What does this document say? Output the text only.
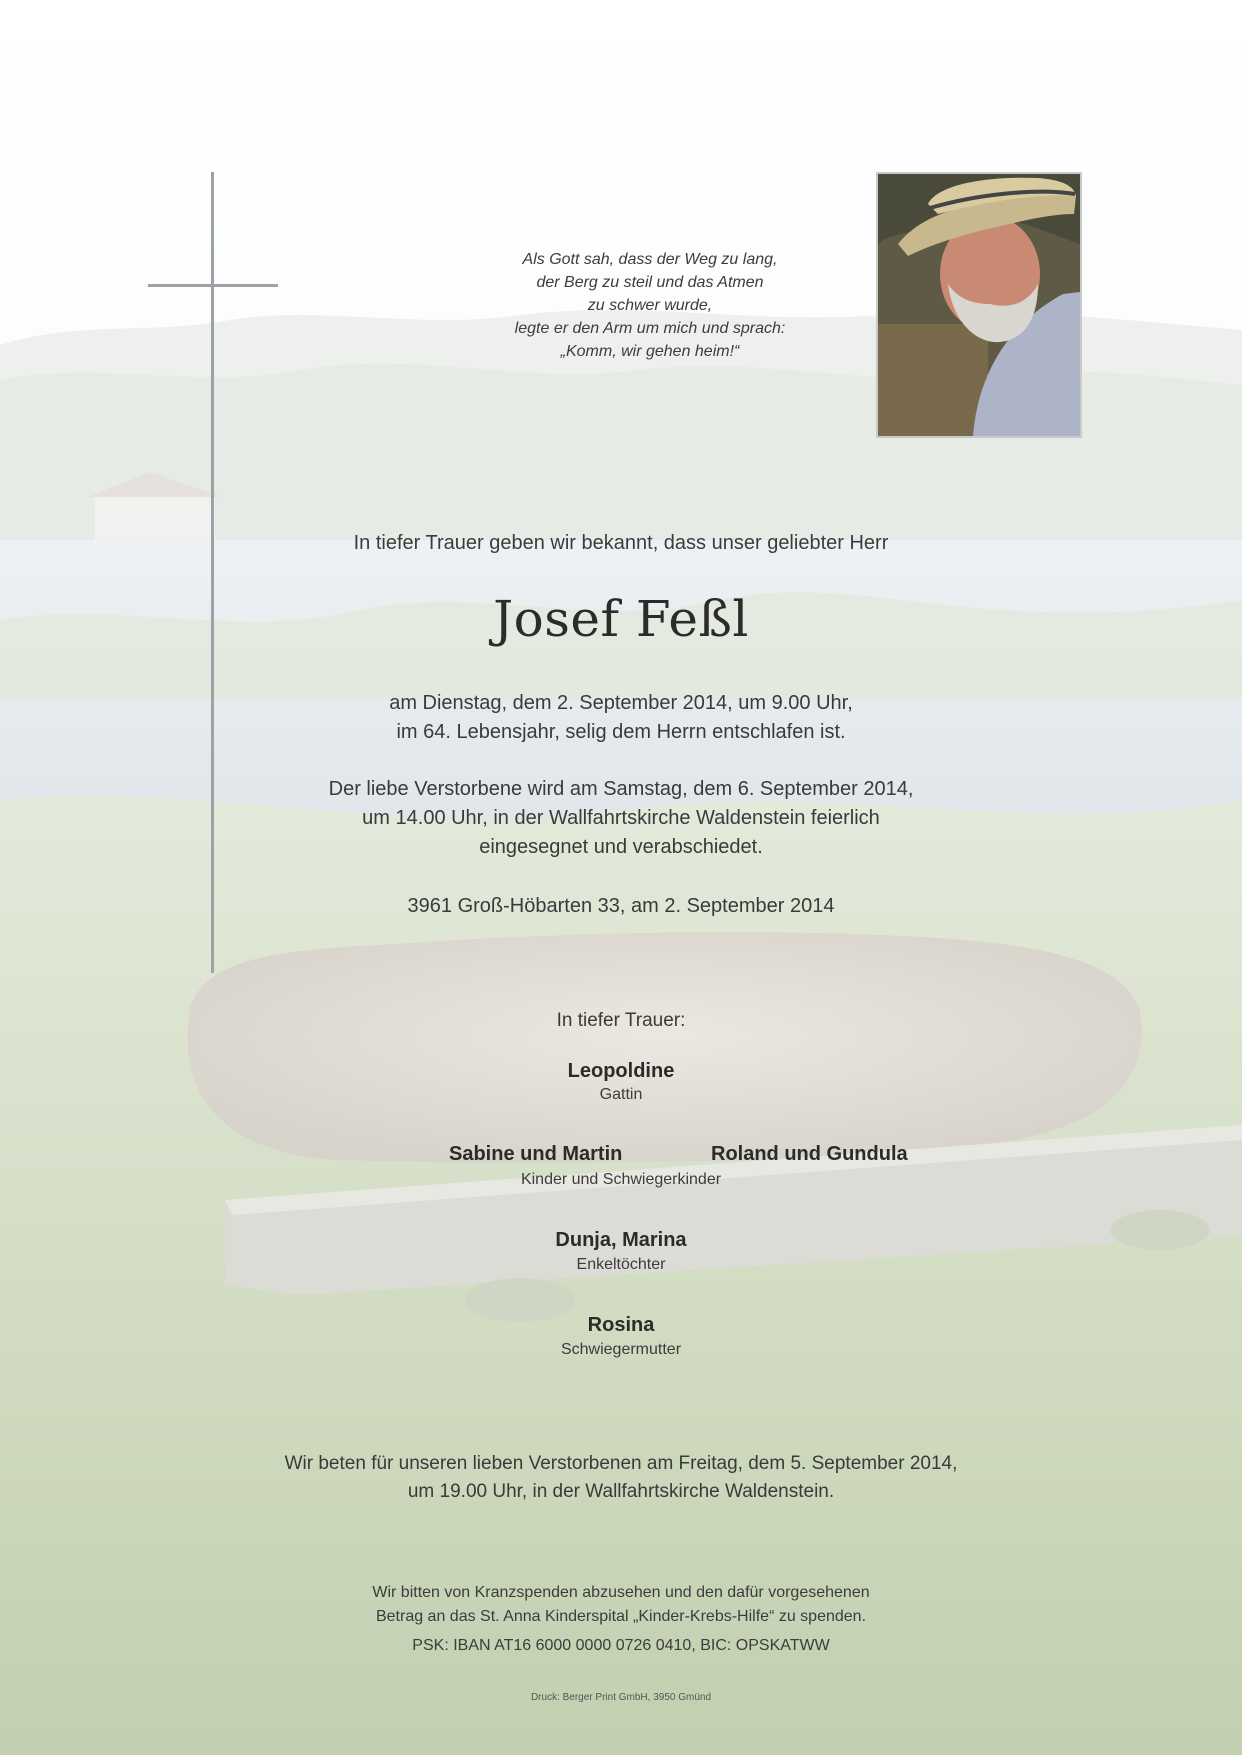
Als Gott sah, dass der Weg zu lang,
der Berg zu steil und das Atmen
zu schwer wurde,
legte er den Arm um mich und sprach:
„Komm, wir gehen heim!“
In tiefer Trauer geben wir bekannt, dass unser geliebter Herr
Josef Feßl
am Dienstag, dem 2. September 2014, um 9.00 Uhr,
im 64. Lebensjahr, selig dem Herrn entschlafen ist.
Der liebe Verstorbene wird am Samstag, dem 6. September 2014,
um 14.00 Uhr, in der Wallfahrtskirche Waldenstein feierlich
eingesegnet und verabschiedet.
3961 Groß-Höbarten 33, am 2. September 2014
In tiefer Trauer:
Leopoldine
Gattin
Sabine und Martin	Roland und Gundula
Kinder und Schwiegerkinder
Dunja, Marina
Enkeltöchter
Rosina
Schwiegermutter
Wir beten für unseren lieben Verstorbenen am Freitag, dem 5. September 2014,
um 19.00 Uhr, in der Wallfahrtskirche Waldenstein.
Wir bitten von Kranzspenden abzusehen und den dafür vorgesehenen
Betrag an das St. Anna Kinderspital „Kinder-Krebs-Hilfe“ zu spenden.
PSK: IBAN AT16 6000 0000 0726 0410, BIC: OPSKATWW
Druck: Berger Print GmbH, 3950 Gmünd
